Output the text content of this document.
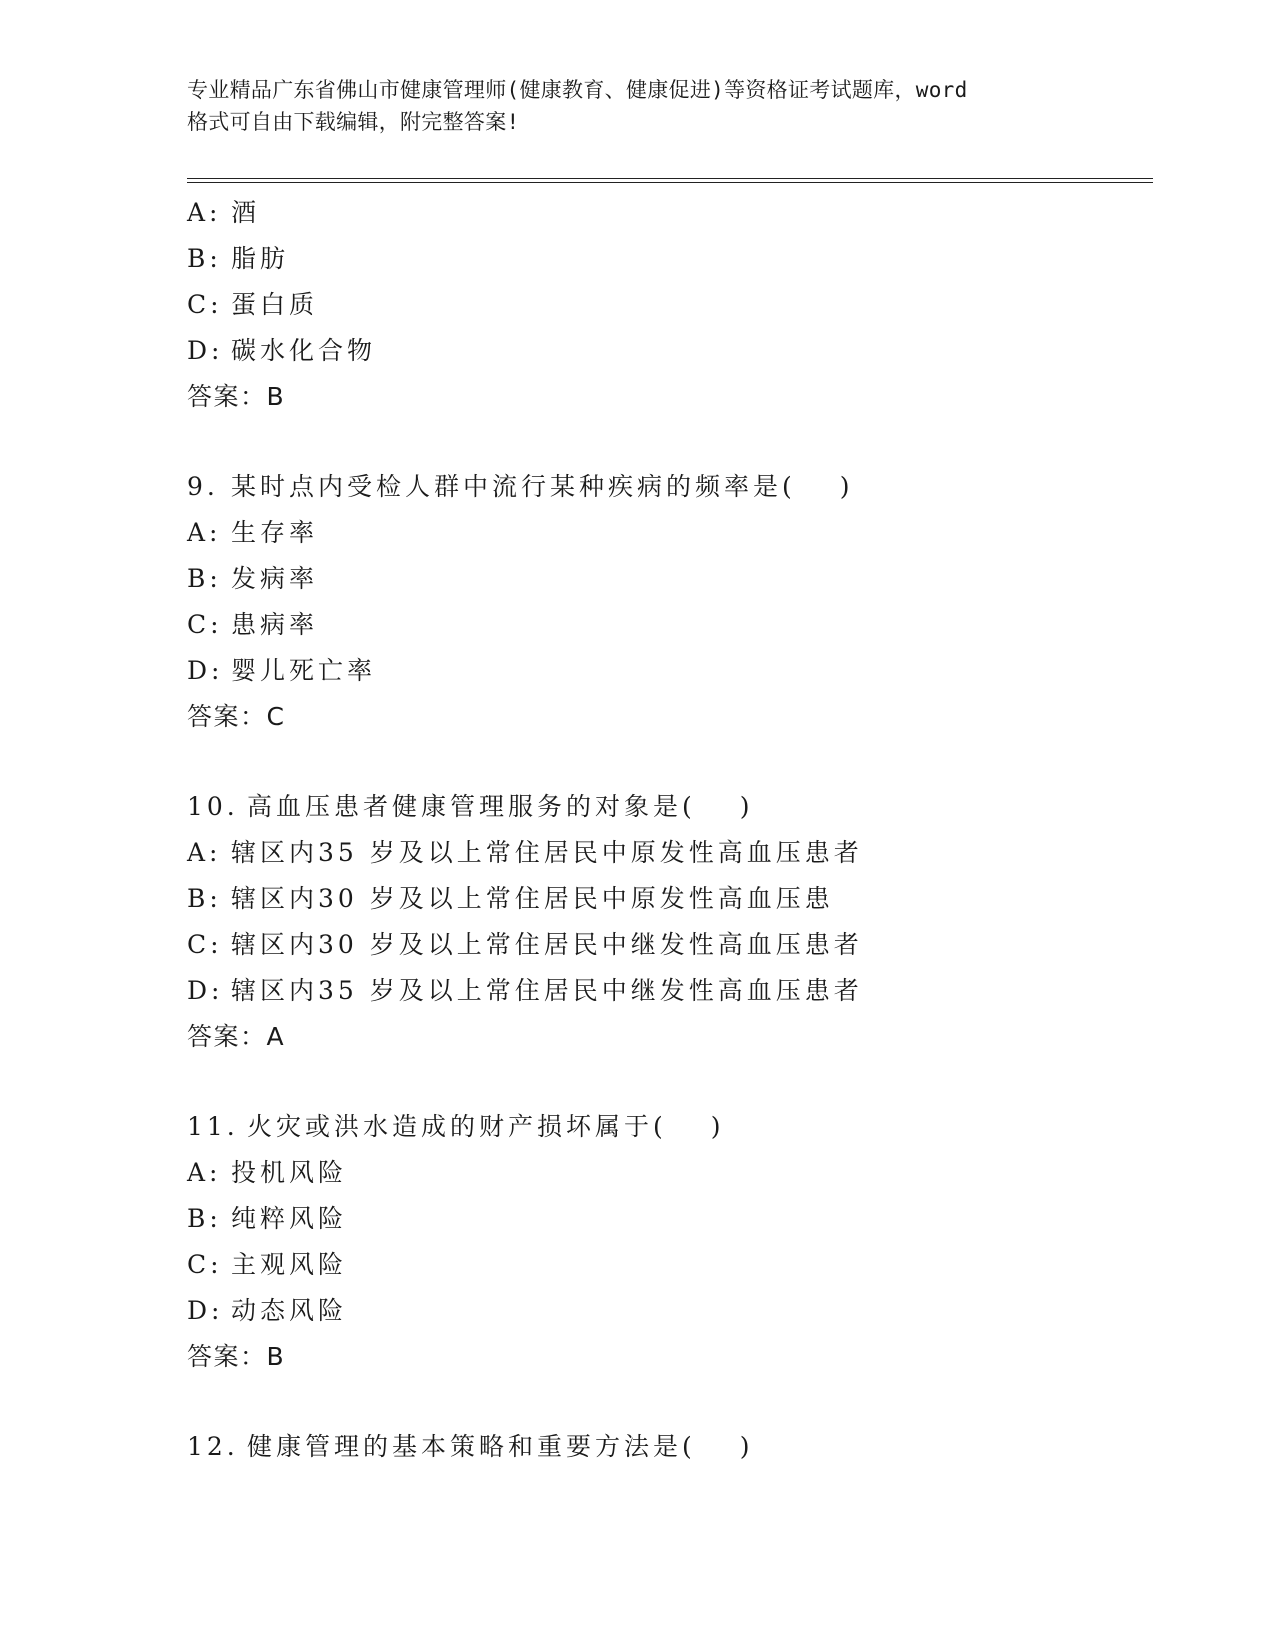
专业精品广东省佛山市健康管理师(健康教育、健康促进)等资格证考试题库，word
格式可自由下载编辑，附完整答案!
A: 酒
B: 脂肪
C: 蛋白质
D: 碳水化合物
答案：B
9. 某时点内受检人群中流行某种疾病的频率是( )
A: 生存率
B: 发病率
C: 患病率
D: 婴儿死亡率
答案：C
10. 高血压患者健康管理服务的对象是( )
A: 辖区内35 岁及以上常住居民中原发性高血压患者
B: 辖区内30 岁及以上常住居民中原发性高血压患
C: 辖区内30 岁及以上常住居民中继发性高血压患者
D: 辖区内35 岁及以上常住居民中继发性高血压患者
答案：A
11. 火灾或洪水造成的财产损坏属于( )
A: 投机风险
B: 纯粹风险
C: 主观风险
D: 动态风险
答案：B
12. 健康管理的基本策略和重要方法是( )
